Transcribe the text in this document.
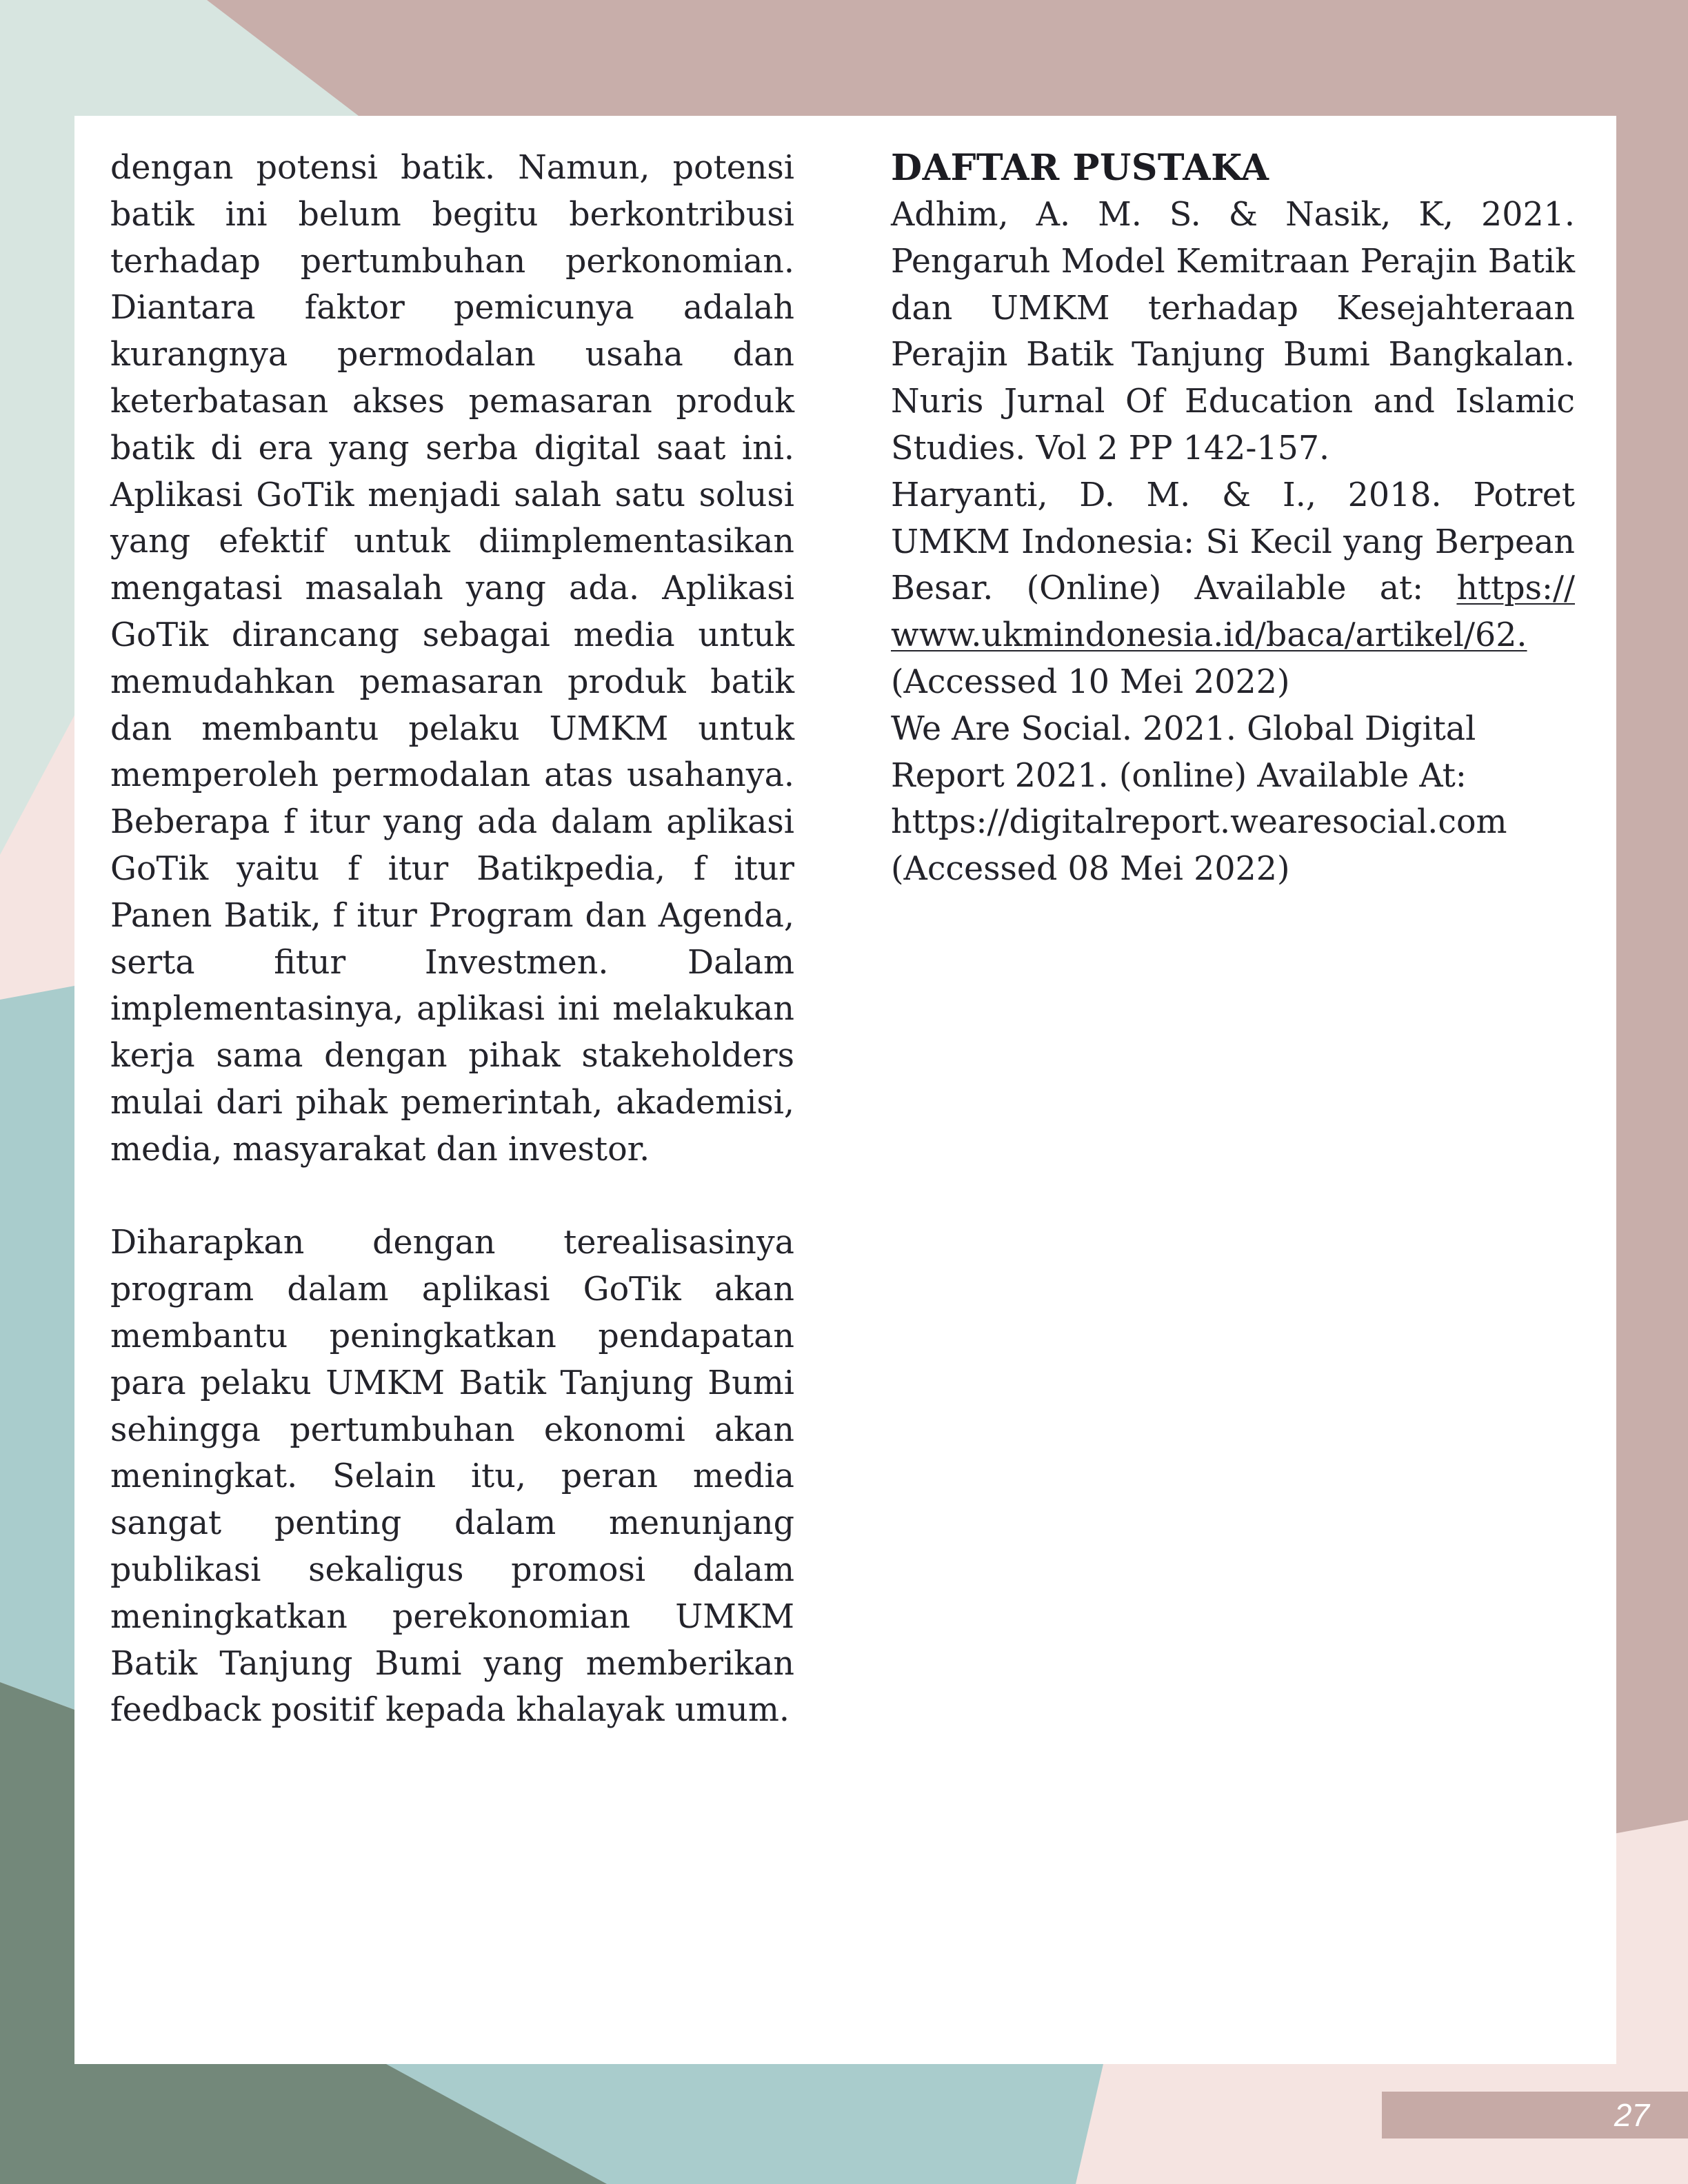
dengan potensi batik. Namun, potensi batik ini belum begitu berkontribusi terhadap pertumbuhan perkonomian. Diantara faktor pemicunya adalah kurangnya permodalan usaha dan keterbatasan akses pemasaran produk batik di era yang serba digital saat ini. Aplikasi GoTik menjadi salah satu solusi yang efektif untuk diimplementasikan mengatasi masalah yang ada. Aplikasi GoTik dirancang sebagai media untuk memudahkan pemasaran produk batik dan membantu pelaku UMKM untuk memperoleh permodalan atas usahanya. Beberapa f itur yang ada dalam aplikasi GoTik yaitu f itur Batikpedia, f itur Panen Batik, f itur Program dan Agenda, serta fitur Investmen. Dalam implementasinya, aplikasi ini melakukan kerja sama dengan pihak stakeholders mulai dari pihak pemerintah, akademisi, media, masyarakat dan investor.

Diharapkan dengan terealisasinya program dalam aplikasi GoTik akan membantu peningkatkan pendapatan para pelaku UMKM Batik Tanjung Bumi sehingga pertumbuhan ekonomi akan meningkat. Selain itu, peran media sangat penting dalam menunjang publikasi sekaligus promosi dalam meningkatkan perekonomian UMKM Batik Tanjung Bumi yang memberikan feedback positif kepada khalayak umum.

DAFTAR PUSTAKA

Adhim, A. M. S. & Nasik, K, 2021. Pengaruh Model Kemitraan Perajin Batik dan UMKM terhadap Kesejahteraan Perajin Batik Tanjung Bumi Bangkalan. Nuris Jurnal Of Education and Islamic Studies. Vol 2 PP 142-157.

Haryanti, D. M. & I., 2018. Potret UMKM Indonesia: Si Kecil yang Berpean Besar. (Online) Available at: https:// www.ukmindonesia.id/baca/artikel/62. (Accessed 10 Mei 2022)

We Are Social. 2021. Global Digital Report 2021. (online) Available At: https://digitalreport.wearesocial.com (Accessed 08 Mei 2022)

27
